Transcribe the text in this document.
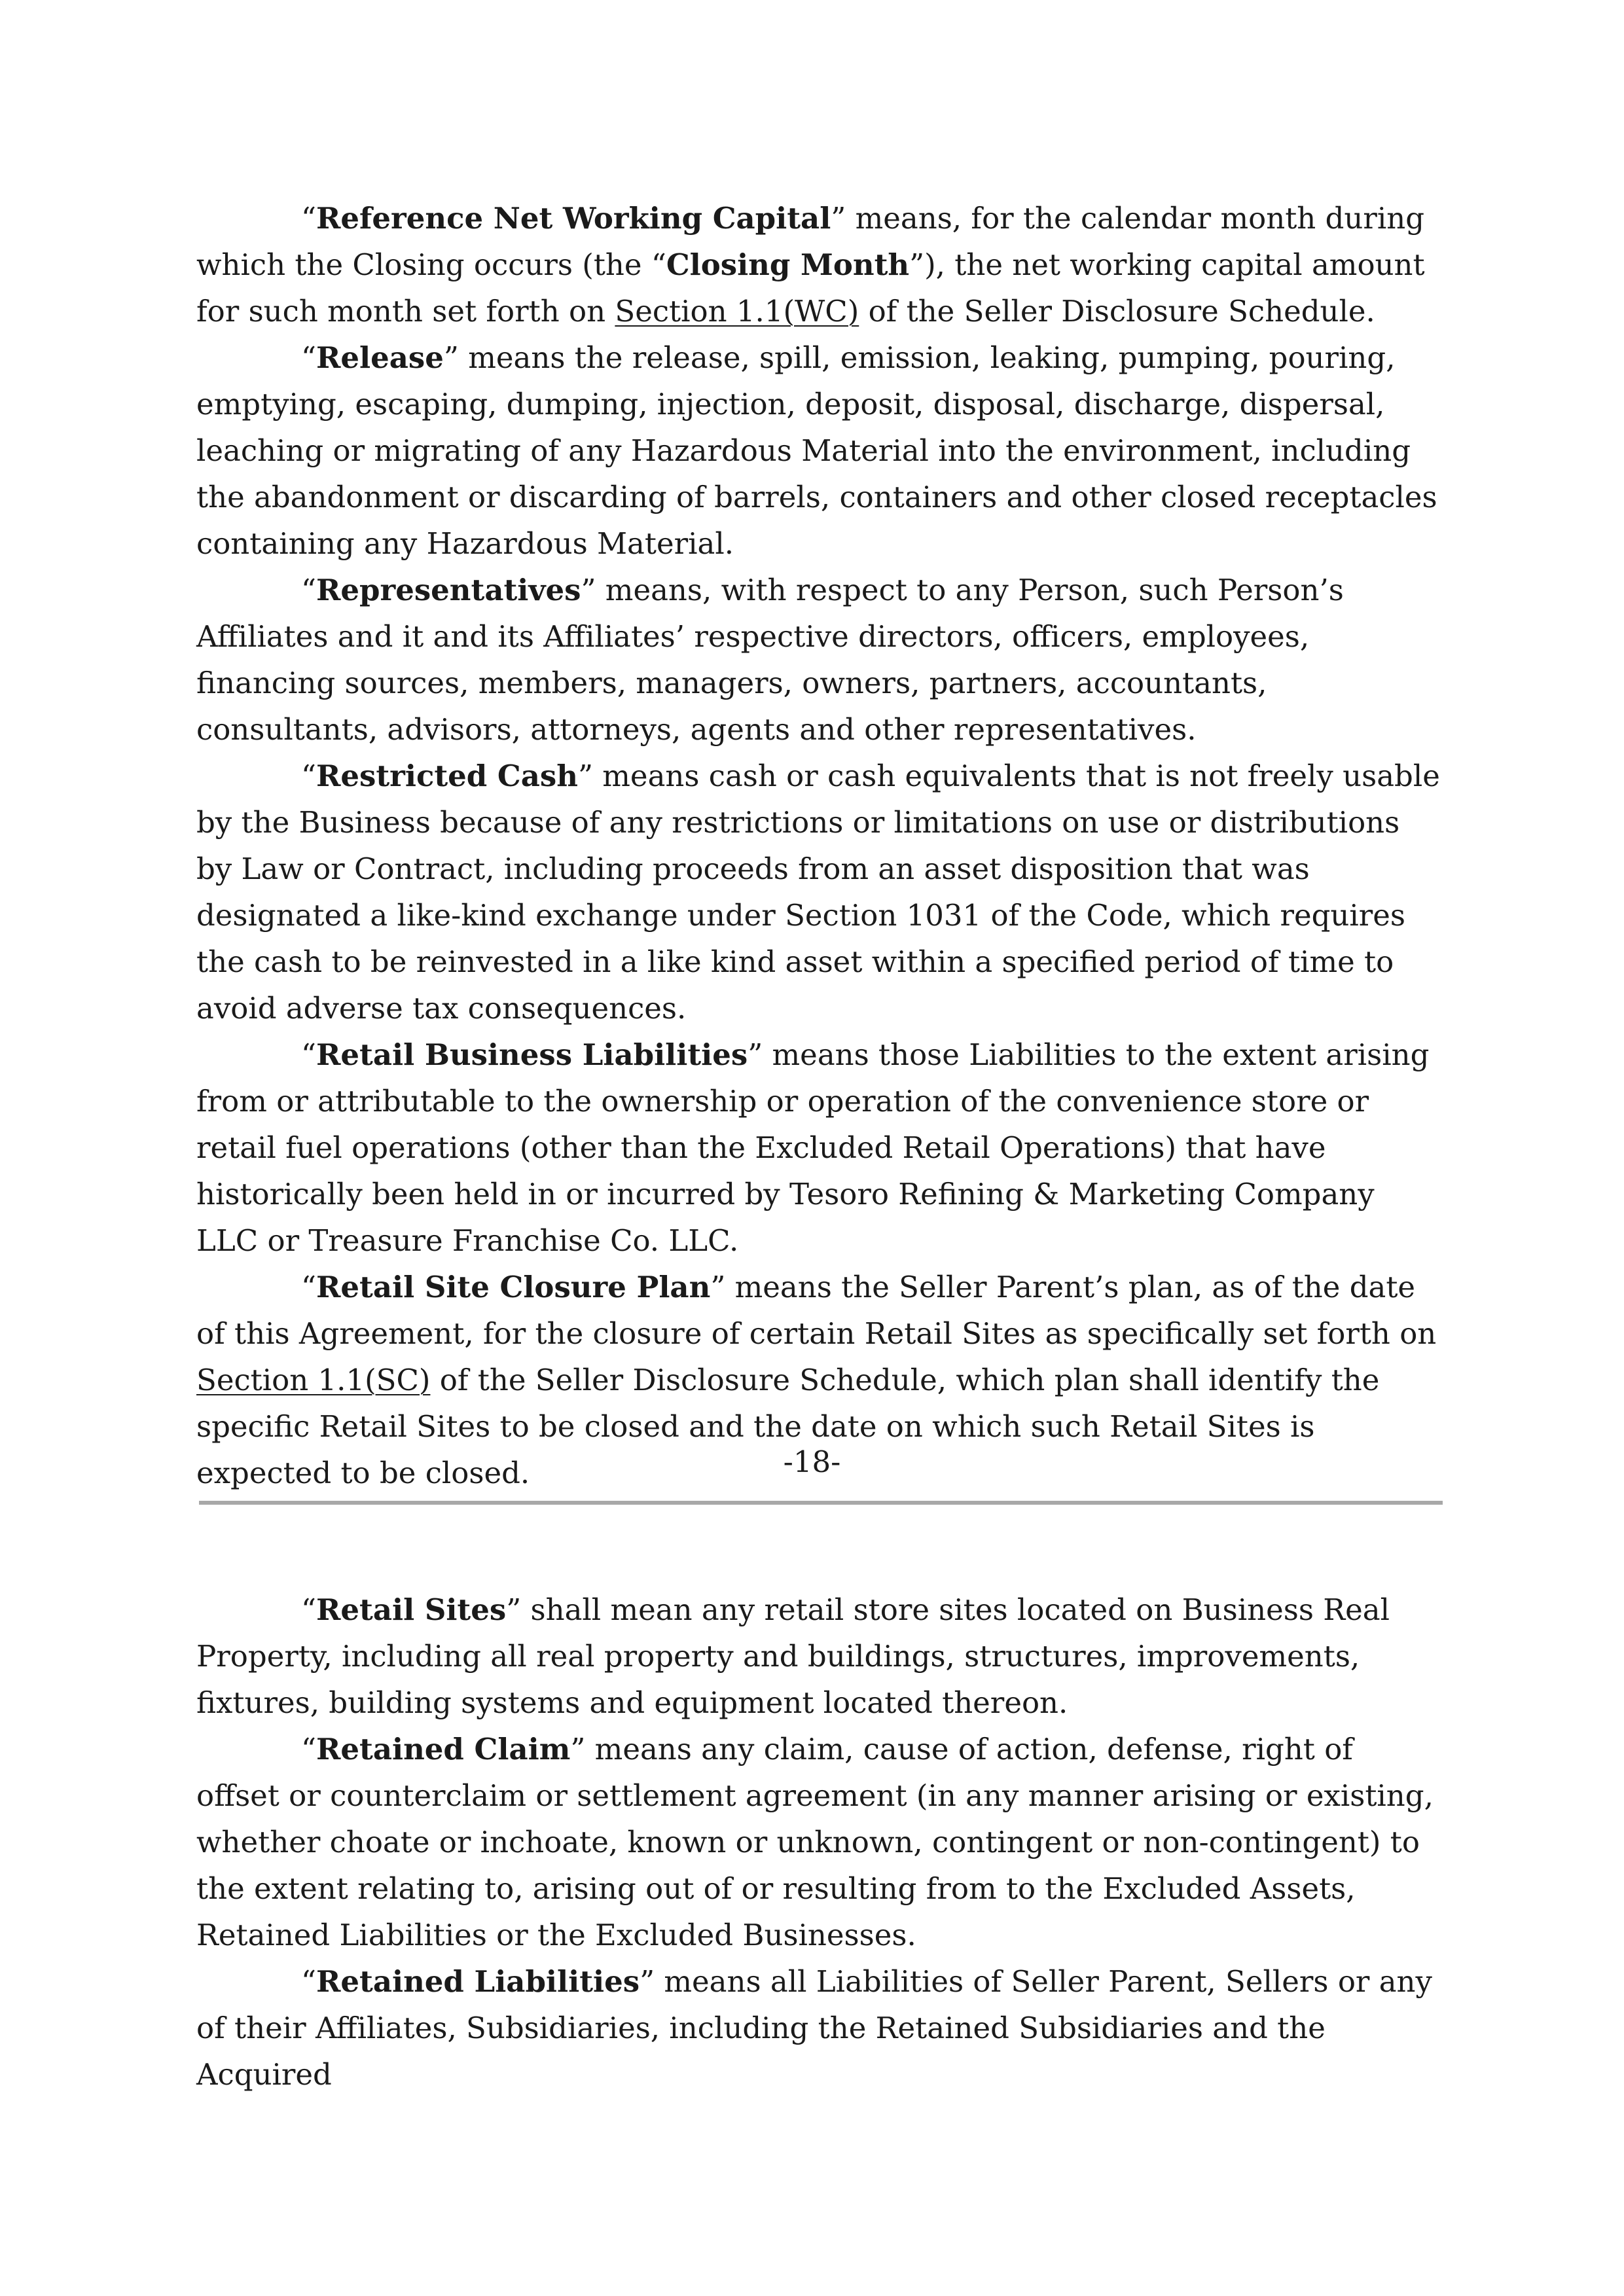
“Reference Net Working Capital” means, for the calendar month during which the Closing occurs (the “Closing Month”), the net working capital amount for such month set forth on Section 1.1(WC) of the Seller Disclosure Schedule.

“Release” means the release, spill, emission, leaking, pumping, pouring, emptying, escaping, dumping, injection, deposit, disposal, discharge, dispersal, leaching or migrating of any Hazardous Material into the environment, including the abandonment or discarding of barrels, containers and other closed receptacles containing any Hazardous Material.

“Representatives” means, with respect to any Person, such Person’s Affiliates and it and its Affiliates’ respective directors, officers, employees, financing sources, members, managers, owners, partners, accountants, consultants, advisors, attorneys, agents and other representatives.

“Restricted Cash” means cash or cash equivalents that is not freely usable by the Business because of any restrictions or limitations on use or distributions by Law or Contract, including proceeds from an asset disposition that was designated a like-kind exchange under Section 1031 of the Code, which requires the cash to be reinvested in a like kind asset within a specified period of time to avoid adverse tax consequences.

“Retail Business Liabilities” means those Liabilities to the extent arising from or attributable to the ownership or operation of the convenience store or retail fuel operations (other than the Excluded Retail Operations) that have historically been held in or incurred by Tesoro Refining & Marketing Company LLC or Treasure Franchise Co. LLC.

“Retail Site Closure Plan” means the Seller Parent’s plan, as of the date of this Agreement, for the closure of certain Retail Sites as specifically set forth on Section 1.1(SC) of the Seller Disclosure Schedule, which plan shall identify the specific Retail Sites to be closed and the date on which such Retail Sites is expected to be closed.	-18-

“Retail Sites” shall mean any retail store sites located on Business Real Property, including all real property and buildings, structures, improvements, fixtures, building systems and equipment located thereon.

“Retained Claim” means any claim, cause of action, defense, right of offset or counterclaim or settlement agreement (in any manner arising or existing, whether choate or inchoate, known or unknown, contingent or non-contingent) to the extent relating to, arising out of or resulting from to the Excluded Assets, Retained Liabilities or the Excluded Businesses.

“Retained Liabilities” means all Liabilities of Seller Parent, Sellers or any of their Affiliates, Subsidiaries, including the Retained Subsidiaries and the Acquired
